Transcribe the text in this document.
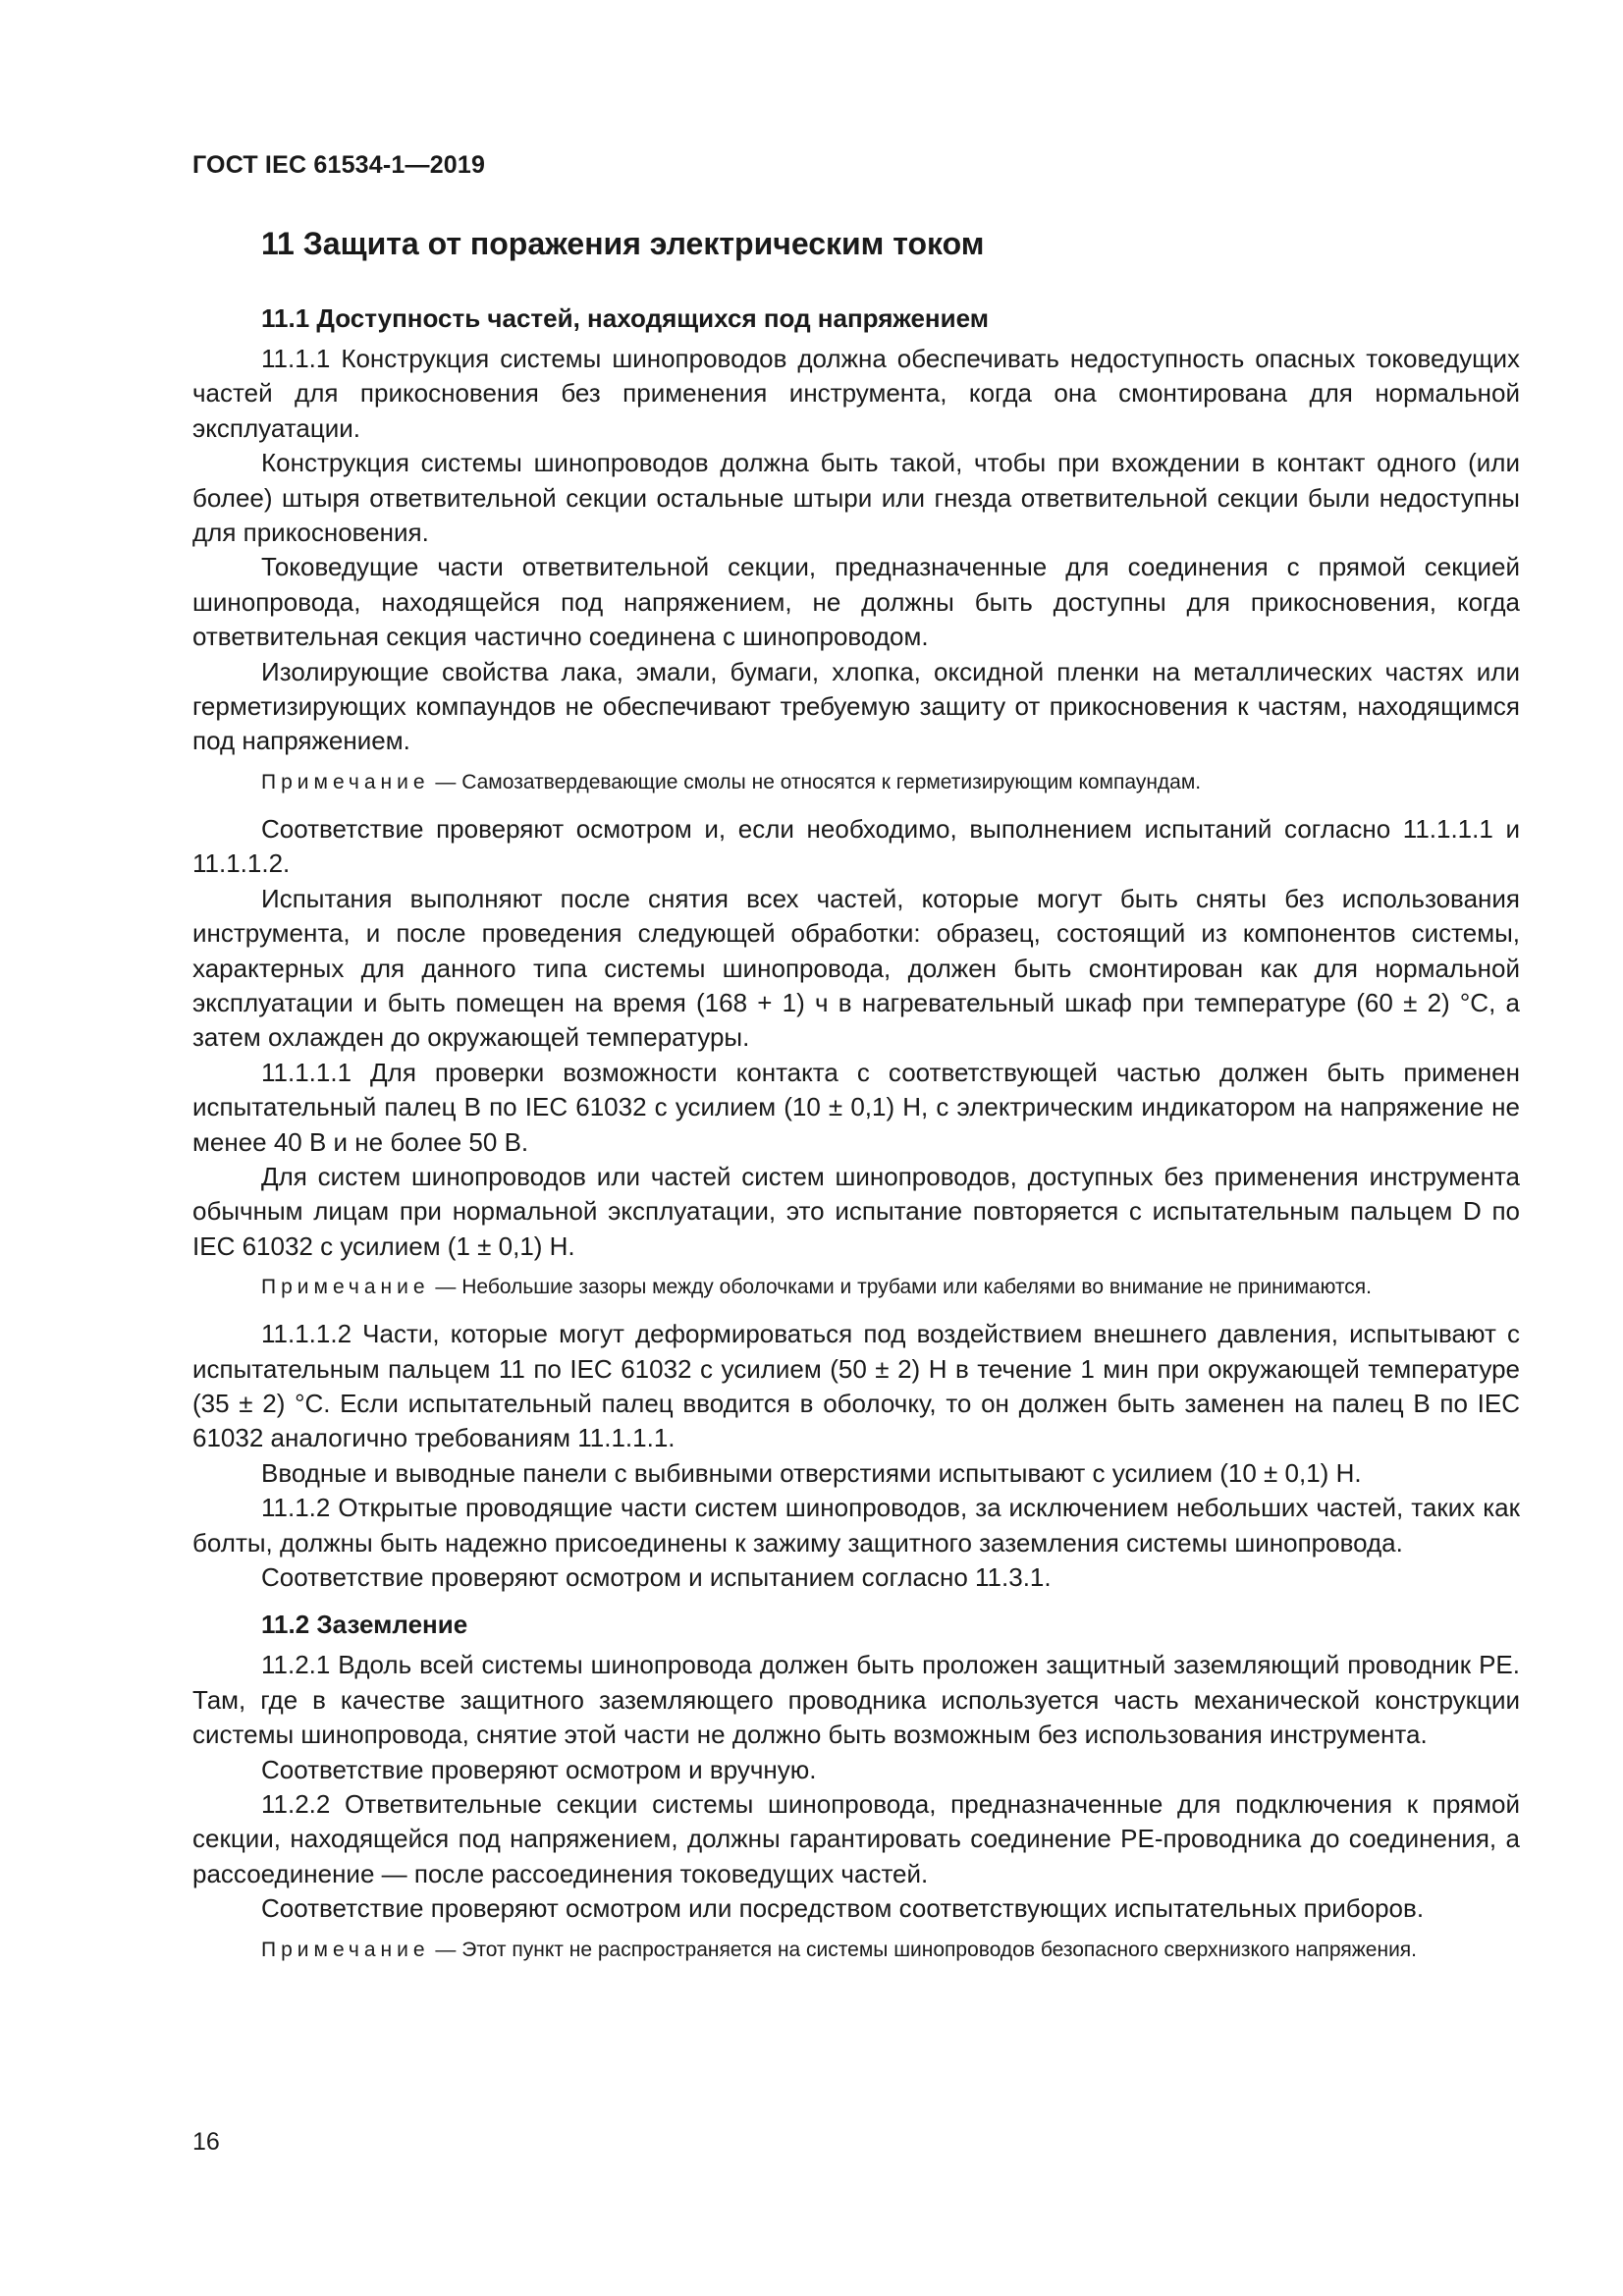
ГОСТ IEC 61534-1—2019
11 Защита от поражения электрическим током
11.1 Доступность частей, находящихся под напряжением

11.1.1 Конструкция системы шинопроводов должна обеспечивать недоступность опасных токоведущих частей для прикосновения без применения инструмента, когда она смонтирована для нормальной эксплуатации.

Конструкция системы шинопроводов должна быть такой, чтобы при вхождении в контакт одного (или более) штыря ответвительной секции остальные штыри или гнезда ответвительной секции были недоступны для прикосновения.

Токоведущие части ответвительной секции, предназначенные для соединения с прямой секцией шинопровода, находящейся под напряжением, не должны быть доступны для прикосновения, когда ответвительная секция частично соединена с шинопроводом.

Изолирующие свойства лака, эмали, бумаги, хлопка, оксидной пленки на металлических частях или герметизирующих компаундов не обеспечивают требуемую защиту от прикосновения к частям, находящимся под напряжением.

Примечание — Самозатвердевающие смолы не относятся к герметизирующим компаундам.

Соответствие проверяют осмотром и, если необходимо, выполнением испытаний согласно 11.1.1.1 и 11.1.1.2.

Испытания выполняют после снятия всех частей, которые могут быть сняты без использования инструмента, и после проведения следующей обработки: образец, состоящий из компонентов системы, характерных для данного типа системы шинопровода, должен быть смонтирован как для нормальной эксплуатации и быть помещен на время (168 + 1) ч в нагревательный шкаф при температуре (60 ± 2) °С, а затем охлажден до окружающей температуры.

11.1.1.1 Для проверки возможности контакта с соответствующей частью должен быть применен испытательный палец В по IEC 61032 с усилием (10 ± 0,1) Н, с электрическим индикатором на напряжение не менее 40 В и не более 50 В.

Для систем шинопроводов или частей систем шинопроводов, доступных без применения инструмента обычным лицам при нормальной эксплуатации, это испытание повторяется с испытательным пальцем D по IEC 61032 с усилием (1 ± 0,1) Н.

Примечание — Небольшие зазоры между оболочками и трубами или кабелями во внимание не принимаются.

11.1.1.2 Части, которые могут деформироваться под воздействием внешнего давления, испытывают с испытательным пальцем 11 по IEC 61032 с усилием (50 ± 2) Н в течение 1 мин при окружающей температуре (35 ± 2) °С. Если испытательный палец вводится в оболочку, то он должен быть заменен на палец В по IEC 61032 аналогично требованиям 11.1.1.1.

Вводные и выводные панели с выбивными отверстиями испытывают с усилием (10 ± 0,1) Н.

11.1.2 Открытые проводящие части систем шинопроводов, за исключением небольших частей, таких как болты, должны быть надежно присоединены к зажиму защитного заземления системы шинопровода.

Соответствие проверяют осмотром и испытанием согласно 11.3.1.

11.2 Заземление

11.2.1 Вдоль всей системы шинопровода должен быть проложен защитный заземляющий проводник PE. Там, где в качестве защитного заземляющего проводника используется часть механической конструкции системы шинопровода, снятие этой части не должно быть возможным без использования инструмента.

Соответствие проверяют осмотром и вручную.

11.2.2 Ответвительные секции системы шинопровода, предназначенные для подключения к прямой секции, находящейся под напряжением, должны гарантировать соединение PE-проводника до соединения, а рассоединение — после рассоединения токоведущих частей.

Соответствие проверяют осмотром или посредством соответствующих испытательных приборов.

Примечание — Этот пункт не распространяется на системы шинопроводов безопасного сверхнизкого напряжения.
16
